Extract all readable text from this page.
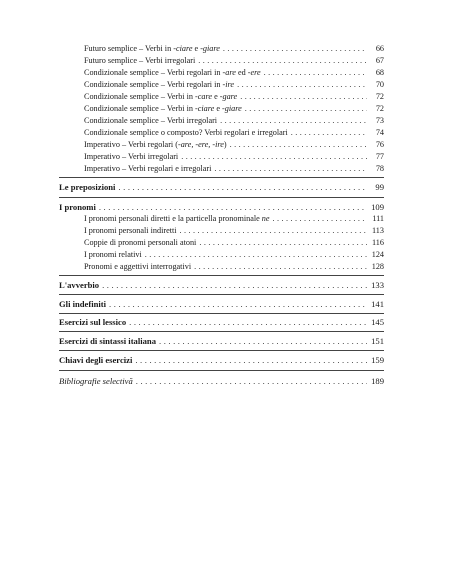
Futuro semplice – Verbi in -ciare e -giare . . .	66
Futuro semplice – Verbi irregolari . . .	67
Condizionale semplice – Verbi regolari in -are ed -ere . . .	68
Condizionale semplice – Verbi regolari in -ire . . .	70
Condizionale semplice – Verbi in -care e -gare . . .	72
Condizionale semplice – Verbi in -ciare e -giare . . .	72
Condizionale semplice – Verbi irregolari . . .	73
Condizionale semplice o composto? Verbi regolari e irregolari . . .	74
Imperativo – Verbi regolari (-are, -ere, -ire) . . .	76
Imperativo – Verbi irregolari . . .	77
Imperativo – Verbi regolari e irregolari . . .	78
Le preposizioni . . .	99
I pronomi . . .	109
I pronomi personali diretti e la particella pronominale ne . . .	111
I pronomi personali indiretti . . .	113
Coppie di pronomi personali atoni . . .	116
I pronomi relativi . . .	124
Pronomi e aggettivi interrogativi . . .	128
L'avverbio . . .	133
Gli indefiniti . . .	141
Esercizi sul lessico . . .	145
Esercizi di sintassi italiana . . .	151
Chiavi degli esercizi . . .	159
Bibliografie selectivă . . .	189
